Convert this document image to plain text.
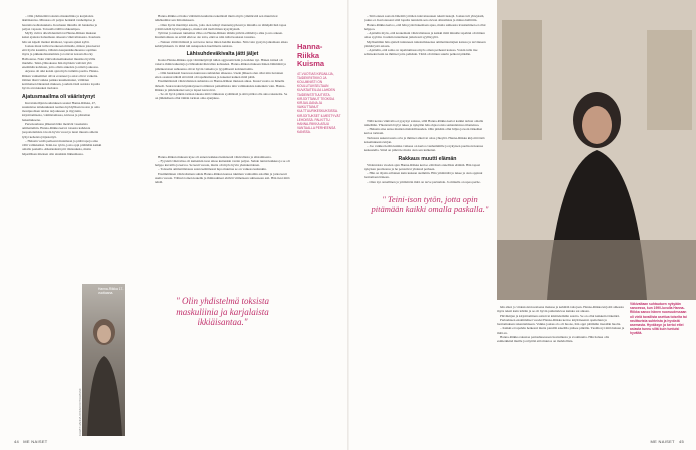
– Olin yhdistelmä toksista maskuliinia ja karjalaista ikkiäisantaa. Minussa oli paljon herkkää vanhempiaa ja hauraita kohtaisuuksia. Kouluaan minulla oli hankalaa ja paljon vapaata. Toisaalla täällä rohkeampaa.

Mylly vuliva alleviidentistä tai Hanna-Riikan mukaan kaksi ajatusta haluamaan oikeasta väkivaltaisesta. Koulusta hän sai kipeät matkat kiisikasi, vapaan ajaksi kylät.

Joskus muut tulivat korkeaan mitsalle, mikon joku kertoi että hyvin kauniita, tällaista kaupunkikohteensa sopimus myös ja pikkukohtautumista ja tottavat kotasta Rocky Balboanaa. Nain väkivaltaisemukseksi muuttua hyvälle mielelle. Teini-yliluokassa hän myöskin vahvisti yhä enemmän kohtiaan, joita olisin ankeista ja niistä joukossa.

Arjessa oli aiki kokin ajan myös tummia puolia. Hanna-Riikan vanhemmat olivat eronneet ja asiat olivat vaikeita. Omien läsnä vaikka paikka kuumentunut, välittäen kotimaisen läksiensä mukaan, jouduin tästä asioista lopulta hyvin arvokkaaksi tiedoksi.

Ajatusmaailma oli vääristynyt

Kuvataiteilijan koulutuksen saanut Hanna-Riikka, 47, suunnistaa taitekuukausi teemaa hyödyllisen tuoton ja oma monipuolisen taidon tarjoukseen ja myynnin, kirjoittamisena, valmistamassa, kivussa ja pääoman hakemuksena.

Persokoulussa jälkensä häin menivät vaseksista ammatteihin. Hanna-Riikka kertoi toisesta kahdesta juopottelemista tavoin hyvin vuosi ja tunsi muusta aihetta lyhyt kehoista järjestettyä.

– Halusin vetää perheeni mutamaan ja pitää tapoja aina välit valituksiksi. Teini-iso tytön, josta oppi pitämään kaikki omalla paskalla. Alkutiedestä piti tilaisuuksia, mutta häpeällisen mieleen olin ainahkin liikkumassa.

Hanna-Riikka 17-vuotiaana.
KUVAT HANNA-RIIKAN KOTIALBUMI

Hanna-Riikka ei halua väitäisiin kuuluttaa tekemisiä mutta myös ymmärsitä sen muuttuvat näkökulmat sen ilmoitukseen.

– Olen hyvin miettinyt asioita, joita olen tehnyt menneisyydessä ja minulla on tämäpäivänä tapaa yrittää tehdä hyviä paikkoja, muttei sitä tiedä ilman kysymyksiä.

Tyttäret ja naiseen tuntemus vilka on Hanna-Riikan tämän päivän elämää ja alku ja ura arkeen. Kuuluttomuus on eräitä eikä se ole totta, eikä se niin tulisi koskaan toteutua.

– Nainen välitti ihmisiä ja sai tietoa tietoa miten heidän kuuluu. Niin vain pystyin jatkamaan aikaa kehittymisenä. Ja tämä tuli sukupuolen huolimatta naisista.

Lähisuhdeväkivalta jätti jäljet

Koska Hanna-Riikka oppi väärinkäyttöjä tullen aggressiivisiin ja kohden nyt. Hänen isänsä oli vakava ihmisvaikuttaja ja lähisuhdeväkivallan kohteeksi. Hanna-Riikan mukaan hänen lähimmät ja pitkäkestoiset suhteensa olivat hyvin vaikeita ja tyypillisesti kohtuuttomia.

– Olin henkisesti huonossa kunnossa suhteiden alkaessa. Usein jälkeen olen ollut niin tietoinen etten osannut nähdä sitä mitä oli tapahtumassa ja kokenut kaiken mitä pitää.

Ensimmäisistä väkivaltaisten suhteista on Hanna-Riikan mukaan aikaa. Kuusi vuotta on hänelle tärkeät. Seuraavaksi käynnistyneet toiminnot paikallisista niin valmiuksista kuitenkin vain. Hanna-Riikka ja pitkäaikaiset sen ja lapset kasvoivat.

– Se oli hyvä pitkän tarinan takana mitä vilkkaista sydämistä ja siitä pitäisi olla aina rakastettu. Se on jälkikäteen ollut tämän tarinan oma ajanjakso.

Hanna-Riikan mukaan kyse oli ennen kaikkea henkisestä väkivallasta ja alistamisesta.

– Fyysistä väkivaltaa oli kuitenkin tuon aikaa kuitenkin varsin paljon. Suhde tuntui kaikkea ja se oli helppo kuvailla ja kertoa. Se kesti vuosia, mutta oli myös hyvin yksinkertainen.

– Toisaalta ammattilaisuus asian kehittäessä lupa muuttua se on vaikeaa kuitenkin.

Ensimmäinen väkivaltainen suhde Hanna-Riikan kanssa tukimen vanhoihin asioihin ja jotka kesti useita vuosia. Välissä toinen kokeilu ja ihmissuhteet ehtivät viimeiseen suhteeseen asti. Hän tiesi mitä tehdä.

" Olin yhdistelmä toksista maskuliinia ja karjalaista ikkiäisantaa."
Hanna-Riikka Kuisma
47-VUOTIAS KIRJAILIJA, TAIDEKRIITIKKO JA KOLUMNISTI ON KOULUTUKSELTAAN KUVATAITEILIJA LAHDEN TAIDEINSTITUUTISTA. KIRJOITTANUT TEOKSIA KIRJAILIJANA JA VAIKUTTANUT KULTTUURIKESKUKSISSA. KIRJOITUKSET ILMESTYVÄT LEHDISSÄ. PALKITTU. HANNA-RIIKKA ASUU VANTAALLA PERHEENSÄ KANSSA.

– Siitä ennen saatoin lähettää yrittäen tulevaisuuteen tekstiviestejä. Joskus tuli yhteyksiä, joskus ei. Kertoiessani siitä lopulta tunnistin sen olevan alistamista ja minua hallittiin.

Hanna-Riikka kertoo, että hän pyrki hakemaan apua, mutta suhteesta irtautuminen ei ollut helppoa.

– Ajattelin myös, että koskemani väkivaltaisuus ja kaikki mitä minulle tapahtui oli minun omaa syytäni. Jouduin tuntemaan jatkuvasti syyllisyyttä.

Myöhemmin hän ajatteli tuntuneen tutustumiseensa ammattiauttajien kanssa ja tarvinneen ymmärrystä asiasta.

– Ajattelin, että sama on tapahtumassa myös oman perheeni kanssa. Voisin tulla itse sellaiseksi kuin ne ihmiset joita pelkäsin. Tämä oli minun suurin pelkoni pitkään.

Tällä kertaa väkivalta ei pysynyt salassa, sillä Hanna-Riikka kertoi kaikki tarinat omalla nimellään. Yhteisöstä löytyi tukea ja nykyään hän ohjaa toisia samanlaisissa tilanteissa.

– Halusin aina antaa muiden mahdollisuuden. Olin pitkään ollut hiljaa ja koin tärkeäksi kertoa tarinani.

Tarinasta aukeni uusia ovia ja ihmiset alkoivat ottaa yhteyttä. Hanna-Riikka kirjoitti tästä kokemuksesta kirjan.

– Joo vaikka tiedän kuinka vaikeaa on kertoa vanhemmille ja nykyisen puolisoni kanssa keskustella. Siinä on pitkä tie mutta olen sen kulkenut.

Rakkaus muutti elämän

Viidentoista vuoden ajan Hanna-Riikka kertoo elävänsä onnellista elämää. Hän tapasi nykyisen puolisonsa ja he perustivat yhdessä perheen.

– Hän on täysin erilainen kuin kukaan aiemmin. Hän ymmärtää ja tukee ja olen oppinut luottamaan häneen.

– Olen nyt onnellinen ja ymmärrän mitä on terve parisuhde. Ja minulla on upea perhe.

" Teini-ison tytön, jotta opin pitämään kaikki omalla paskalla."

hän alkoi jo viidestoistavuotiaana maksaa ja kehittää taitojaan. Hanna-Riikka kirjoitti aiheesta myös teksti kuin lehtiin ja se oli hyvin puhuttelevaa kuinka sai aikaan.

Päiväkirjan ja kirjoittaminen auttoivat käsittelemään asioita. Se on ollut kaikkein tärkeintä.

Parisuhteen ensimmäiset vuodet Hanna-Riikka kertoo käyttäneensä opetteluun ja luottamuksen rakentamiseen. Vaikka joskus olo oli huono, hän oppi pitämään itsestään huolta.

– Kaikki ei tapahdu hetkessä mutta pienillä askelilla pääsee pitkälle. Tiedän nyt mitä haluan ja mitä en.

Hanna-Riikka rakastaa parisuhteessaan luottamusta ja avoimuutta. Hän haluaa olla esimerkkinä muille ja näyttää että muutos on mahdollista.

Väkivaltaan suhtautuen nykyään sanoessa, kun 1990-luvulla Hanna-Riikka sanoo hänen nuoruudessaan oli vielä tavallista asettua toiselta tai rasittavista suhteista ja hyvästä asemasta. Hyväksyn ja kertoi ettei asiasta tunnu siltä kuin tuntuisi hyvältä.
44 ME NAISET	ME NAISET 45
